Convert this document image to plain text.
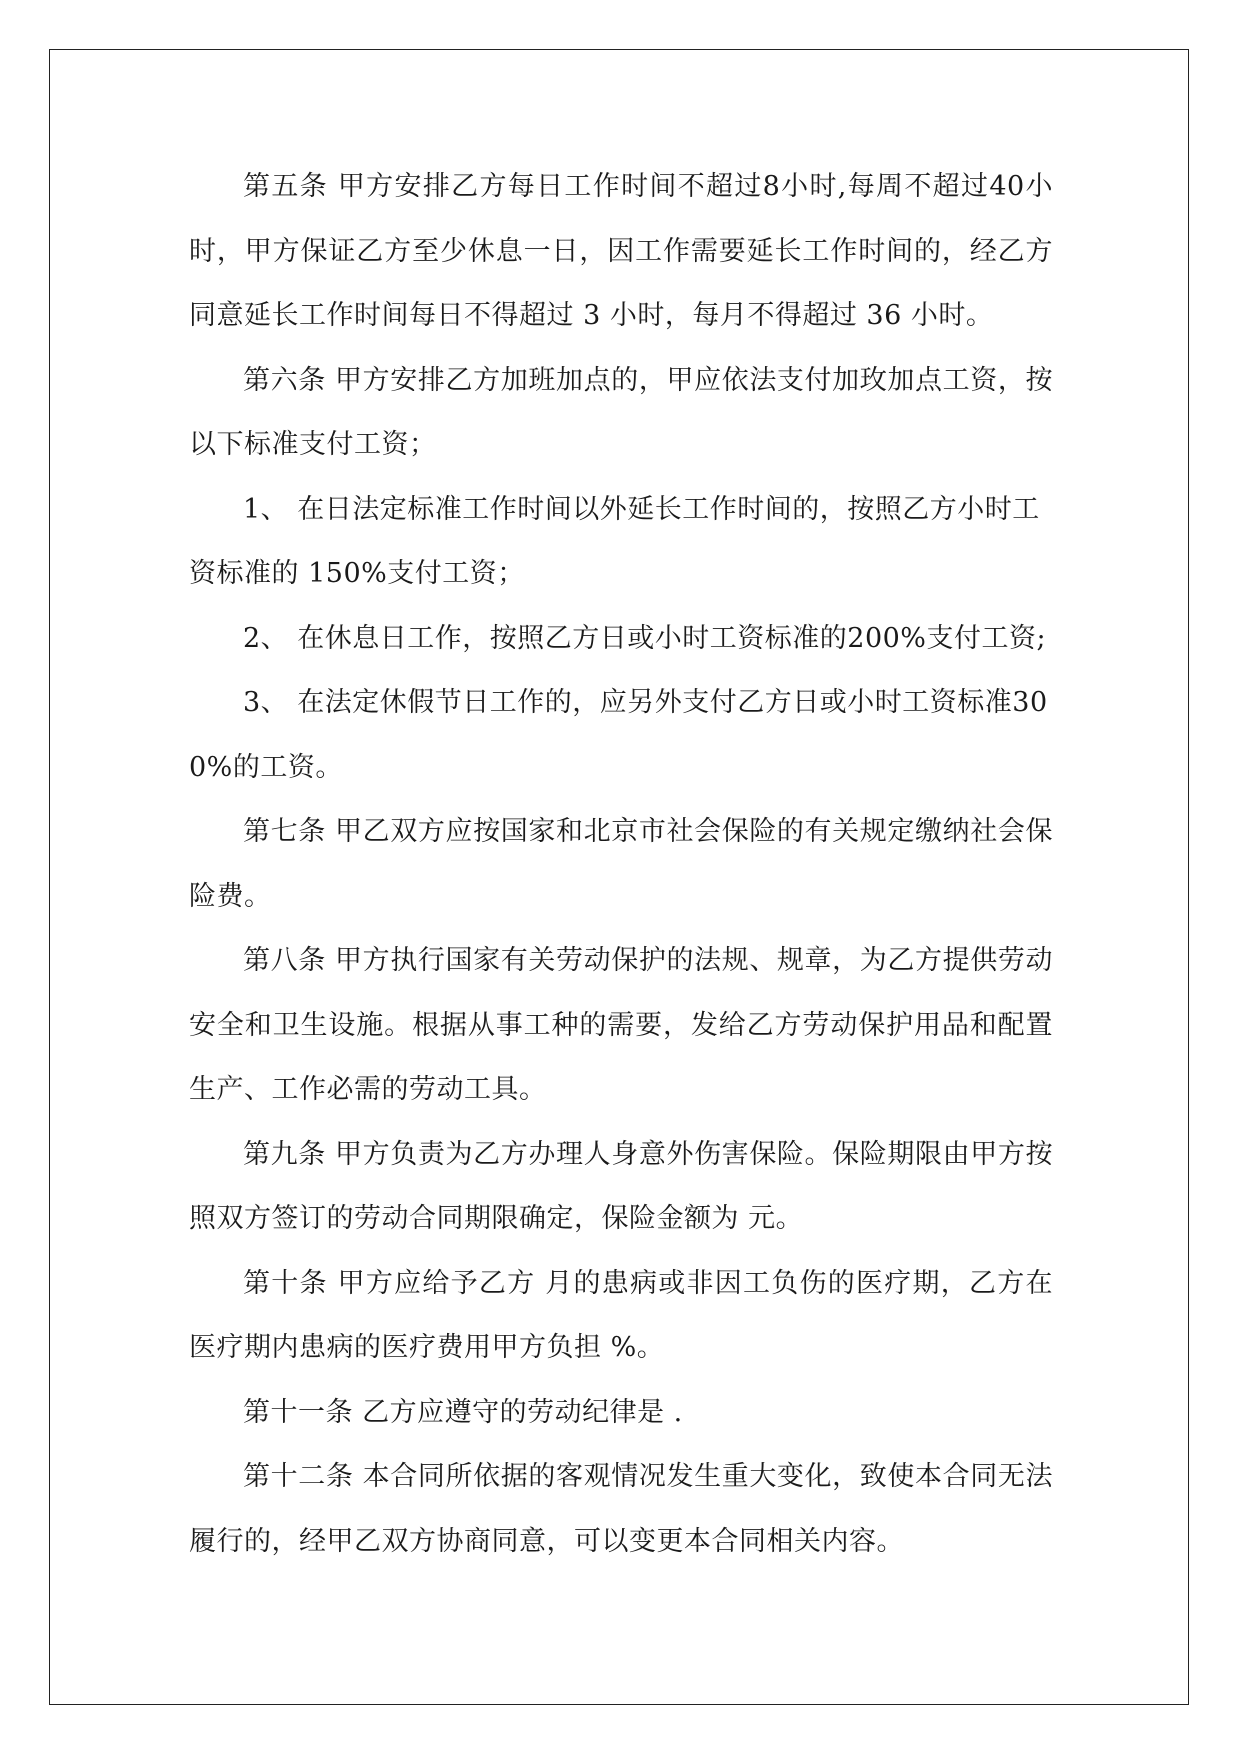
第五条 甲方安排乙方每日工作时间不超过8小时,每周不超过40小时，甲方保证乙方至少休息一日，因工作需要延长工作时间的，经乙方同意延长工作时间每日不得超过 3 小时，每月不得超过 36 小时。

第六条 甲方安排乙方加班加点的，甲应依法支付加玫加点工资，按以下标准支付工资；

1、 在日法定标准工作时间以外延长工作时间的，按照乙方小时工资标准的 150%支付工资；

2、 在休息日工作，按照乙方日或小时工资标准的200%支付工资;

3、 在法定休假节日工作的，应另外支付乙方日或小时工资标准300%的工资。

第七条 甲乙双方应按国家和北京市社会保险的有关规定缴纳社会保险费。

第八条 甲方执行国家有关劳动保护的法规、规章，为乙方提供劳动安全和卫生设施。根据从事工种的需要，发给乙方劳动保护用品和配置生产、工作必需的劳动工具。

第九条 甲方负责为乙方办理人身意外伤害保险。保险期限由甲方按照双方签订的劳动合同期限确定，保险金额为 元。

第十条 甲方应给予乙方 月的患病或非因工负伤的医疗期，乙方在医疗期内患病的医疗费用甲方负担 %。

第十一条 乙方应遵守的劳动纪律是 .

第十二条 本合同所依据的客观情况发生重大变化，致使本合同无法履行的，经甲乙双方协商同意，可以变更本合同相关内容。
